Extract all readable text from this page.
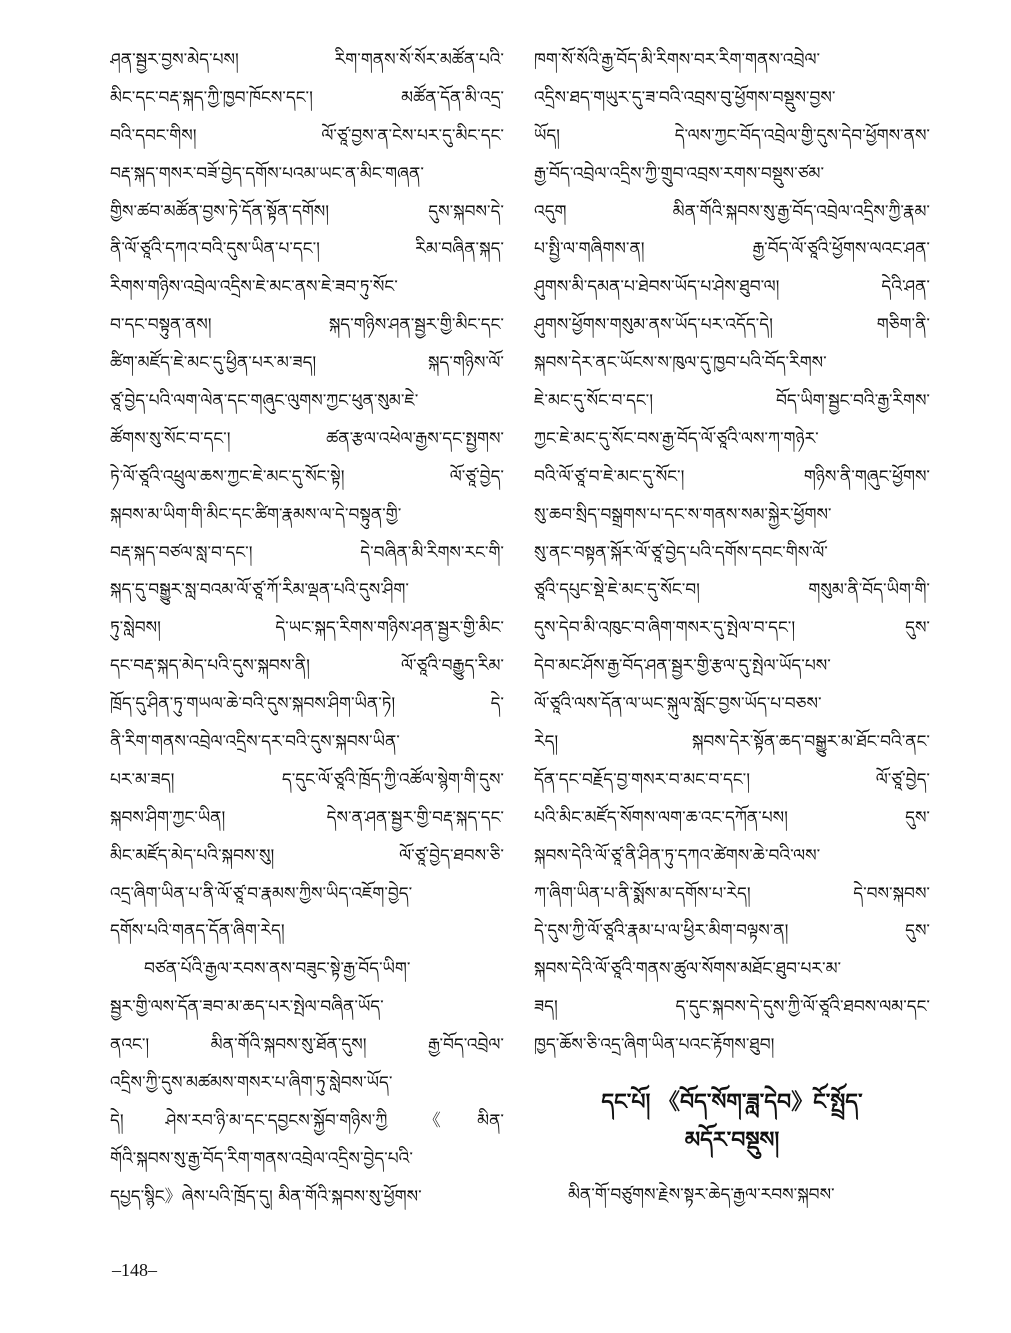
ཤན་སྦྱར་བྱས་མེད་པས། རིག་གནས་སོ་སོར་མཚོན་པའི་
མིང་དང་བརྡ་སྐད་ཀྱི་ཁྱབ་ཁོངས་དང་། མཚོན་དོན་མི་འདྲ་
བའི་དབང་གིས། ལོ་ཙཱ་བྱས་ན་ངེས་པར་དུ་མིང་དང་
བརྡ་སྐད་གསར་བཟོ་བྱེད་དགོས་པའམ་ཡང་ན་མིང་གཞན་
གྱིས་ཚབ་མཚོན་བྱས་ཏེ་དོན་སྟོན་དགོས། དུས་སྐབས་དེ་
ནི་ལོ་ཙཱའི་དཀའ་བའི་དུས་ཡིན་པ་དང་། རིམ་བཞིན་སྐད་
རིགས་གཉིས་འབྲེལ་འདྲིས་ཇེ་མང་ནས་ཇེ་ཟབ་ཏུ་སོང་
བ་དང་བསྟུན་ནས། སྐད་གཉིས་ཤན་སྦྱར་གྱི་མིང་དང་
ཚིག་མཛོད་ཇེ་མང་དུ་ཕྱིན་པར་མ་ཟད། སྐད་གཉིས་ལོ་
ཙཱ་བྱེད་པའི་ལག་ལེན་དང་གཞུང་ལུགས་ཀྱང་ཕུན་སུམ་ཇེ་
ཚོགས་སུ་སོང་བ་དང་། ཚན་རྩལ་འཕེལ་རྒྱས་དང་སྤྱགས་
ཏེ་ལོ་ཙཱའི་འཕྲུལ་ཆས་ཀྱང་ཇེ་མང་དུ་སོང་སྟེ། ལོ་ཙཱ་བྱེད་
སྐབས་མ་ཡིག་གི་མིང་དང་ཚིག་རྣམས་ལ་དེ་བསྟུན་གྱི་
བརྡ་སྐད་བཙལ་སླ་བ་དང་། དེ་བཞིན་མི་རིགས་རང་གི་
སྐད་དུ་བསྒྱུར་སླ་བའམ་ལོ་ཙཱ་ཀོ་རིམ་ལྡན་པའི་དུས་ཤིག་
ཏུ་སླེབས། དེ་ཡང་སྐད་རིགས་གཉིས་ཤན་སྦྱར་གྱི་མིང་
དང་བརྡ་སྐད་མེད་པའི་དུས་སྐབས་ནི། ལོ་ཙཱའི་བརྒྱུད་རིམ་
ཁྲོད་དུ་ཤིན་ཏུ་གཡལ་ཆེ་བའི་དུས་སྐབས་ཤིག་ཡིན་ཏེ། དེ་
ནི་རིག་གནས་འབྲེལ་འདྲིས་དར་བའི་དུས་སྐབས་ཡིན་
པར་མ་ཟད། ད་དུང་ལོ་ཙཱའི་ཁྲོད་ཀྱི་འཚོལ་སྙེག་གི་དུས་
སྐབས་ཤིག་ཀྱང་ཡིན། དེས་ན་ཤན་སྦྱར་གྱི་བརྡ་སྐད་དང་
མིང་མཛོད་མེད་པའི་སྐབས་སུ། ལོ་ཙཱ་བྱེད་ཐབས་ཅི་
འདྲ་ཞིག་ཡིན་པ་ནི་ལོ་ཙཱ་བ་རྣམས་ཀྱིས་ཡིད་འཇོག་བྱེད་
དགོས་པའི་གནད་དོན་ཞིག་རེད།
བཙན་པོའི་རྒྱལ་རབས་ནས་བཟུང་སྟེ་རྒྱ་བོད་ཡིག་
སྦྱར་གྱི་ལས་དོན་ཟབ་མ་ཆད་པར་སྤེལ་བཞིན་ཡོད་
ནའང་། མིན་གོའི་སྐབས་སུ་ཐོན་དུས། རྒྱ་བོད་འབྲེལ་
འདྲིས་ཀྱི་དུས་མཚམས་གསར་པ་ཞིག་ཏུ་སླེབས་ཡོད་
དེ། ཤེས་རབ་ཉི་མ་དང་དབྱངས་སྐྱོབ་གཉིས་ཀྱི《མིན་
གོའི་སྐབས་སུ་རྒྱ་བོད་རིག་གནས་འབྲེལ་འདྲིས་བྱེད་པའི་
དཔྱད་སྙིང》ཞེས་པའི་ཁྲོད་དུ། མིན་གོའི་སྐབས་སུ་ཕྱོགས་
ཁག་སོ་སོའི་རྒྱ་བོད་མི་རིགས་བར་རིག་གནས་འབྲེལ་
འདྲིས་ཐད་གཡུར་དུ་ཟ་བའི་འབྲས་བུ་ཕྱོགས་བསྡུས་བྱས་
ཡོད། དེ་ལས་ཀྱང་བོད་འབྲེལ་གྱི་དུས་དེབ་ཕྱོགས་ནས་
རྒྱ་བོད་འབྲེལ་འདྲིས་ཀྱི་གྲུབ་འབྲས་རགས་བསྡུས་ཙམ་
འདུག མིན་གོའི་སྐབས་སུ་རྒྱ་བོད་འབྲེལ་འདྲིས་ཀྱི་རྣམ་
པ་སྤྱི་ལ་གཞིགས་ན། རྒྱ་བོད་ལོ་ཙཱའི་ཕྱོགས་ལའང་ཤན་
ཤུགས་མི་དམན་པ་ཐེབས་ཡོད་པ་ཤེས་ཐུབ་ལ། དེའི་ཤན་
ཤུགས་ཕྱོགས་གསུམ་ནས་ཡོད་པར་འདོད་དེ། གཅིག་ནི་
སྐབས་དེར་ནང་ཡོངས་ས་ཁུལ་དུ་ཁྱབ་པའི་བོད་རིགས་
ཇེ་མང་དུ་སོང་བ་དང་། བོད་ཡིག་སྦྱང་བའི་རྒྱ་རིགས་
ཀྱང་ཇེ་མང་དུ་སོང་བས་རྒྱ་བོད་ལོ་ཙཱའི་ལས་ཀ་གཉེར་
བའི་ལོ་ཙཱ་བ་ཇེ་མང་དུ་སོང་། གཉིས་ནི་གཞུང་ཕྱོགས་
སུ་ཆབ་སྲིད་བསྒྲགས་པ་དང་ས་གནས་སམ་སྐྱེར་ཕྱོགས་
སུ་ནང་བསྟན་སྐོར་ལོ་ཙཱ་བྱེད་པའི་དགོས་དབང་གིས་ལོ་
ཙཱའི་དཔུང་སྡེ་ཇེ་མང་དུ་སོང་བ། གསུམ་ནི་བོད་ཡིག་གི་
དུས་དེབ་མི་འཁུང་བ་ཞིག་གསར་དུ་སྤེལ་བ་དང་། དུས་
དེབ་མང་ཤོས་རྒྱ་བོད་ཤན་སྦྱར་གྱི་རྩལ་དུ་སྤེལ་ཡོད་པས་
ལོ་ཙཱའི་ལས་དོན་ལ་ཡང་སྐུལ་སློང་བྱས་ཡོད་པ་བཅས་
རེད། སྐབས་དེར་སྟོན་ཆད་བསྒྱུར་མ་ཐོང་བའི་ནང་
དོན་དང་བརྗོད་བྱ་གསར་བ་མང་བ་དང་། ལོ་ཙཱ་བྱེད་
པའི་མིང་མཛོད་སོགས་ལག་ཆ་འང་དཀོན་པས། དུས་
སྐབས་དེའི་ལོ་ཙཱ་ནི་ཤིན་ཏུ་དཀའ་ཚེགས་ཆེ་བའི་ལས་
ཀ་ཞིག་ཡིན་པ་ནི་སྨོས་མ་དགོས་པ་རེད། དེ་བས་སྐབས་
དེ་དུས་ཀྱི་ལོ་ཙཱའི་རྣམ་པ་ལ་ཕྱིར་མིག་བལྟས་ན། དུས་
སྐབས་དེའི་ལོ་ཙཱའི་གནས་ཚུལ་སོགས་མཐོང་ཐུབ་པར་མ་
ཟད། ད་དུང་སྐབས་དེ་དུས་ཀྱི་ལོ་ཙཱའི་ཐབས་ལམ་དང་
ཁྱད་ཆོས་ཅི་འདྲ་ཞིག་ཡིན་པའང་རྟོགས་ཐུབ།
དང་པོ། 《བོད་སོག་ཟླ་དེབ》ངོ་སྤྲོད་
མདོར་བསྡུས།
མིན་གོ་བཙུགས་རྗེས་སྟར་ཆེད་རྒྱལ་རབས་སྐབས་
–148–
